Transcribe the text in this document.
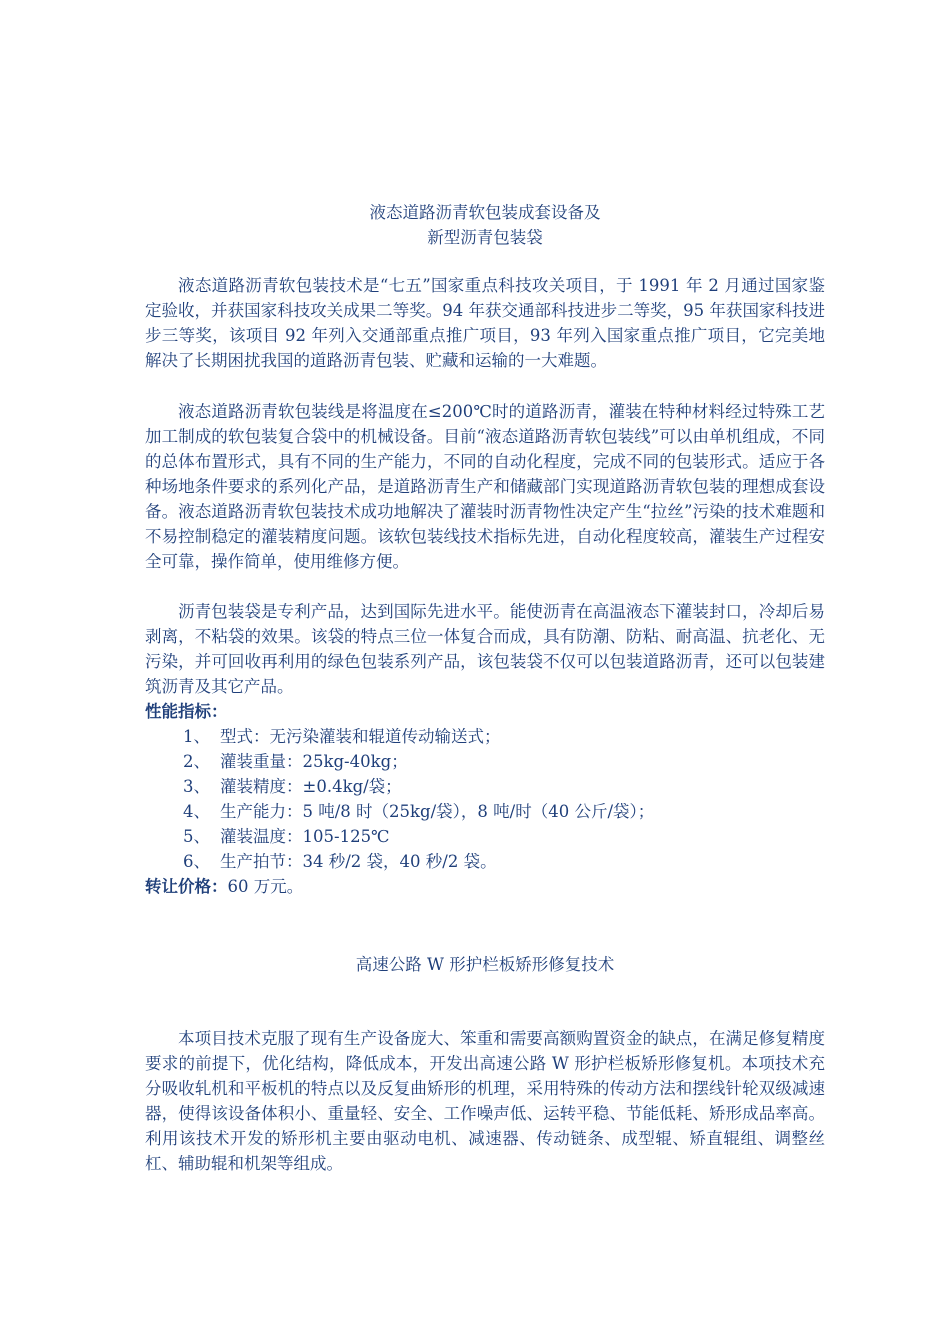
液态道路沥青软包装成套设备及
新型沥青包装袋

液态道路沥青软包装技术是“七五”国家重点科技攻关项目，于 1991 年 2 月通过国家鉴定验收，并获国家科技攻关成果二等奖。94 年获交通部科技进步二等奖，95 年获国家科技进步三等奖，该项目 92 年列入交通部重点推广项目，93 年列入国家重点推广项目，它完美地解决了长期困扰我国的道路沥青包装、贮藏和运输的一大难题。

液态道路沥青软包装线是将温度在≤200℃时的道路沥青，灌装在特种材料经过特殊工艺加工制成的软包装复合袋中的机械设备。目前“液态道路沥青软包装线”可以由单机组成，不同的总体布置形式，具有不同的生产能力，不同的自动化程度，完成不同的包装形式。适应于各种场地条件要求的系列化产品，是道路沥青生产和储藏部门实现道路沥青软包装的理想成套设备。液态道路沥青软包装技术成功地解决了灌装时沥青物性决定产生“拉丝”污染的技术难题和不易控制稳定的灌装精度问题。该软包装线技术指标先进，自动化程度较高，灌装生产过程安全可靠，操作简单，使用维修方便。

沥青包装袋是专利产品，达到国际先进水平。能使沥青在高温液态下灌装封口，冷却后易剥离，不粘袋的效果。该袋的特点三位一体复合而成，具有防潮、防粘、耐高温、抗老化、无污染，并可回收再利用的绿色包装系列产品，该包装袋不仅可以包装道路沥青，还可以包装建筑沥青及其它产品。

性能指标：
1、 型式：无污染灌装和辊道传动输送式；
2、 灌装重量：25kg-40kg；
3、 灌装精度：±0.4kg/袋；
4、 生产能力：5 吨/8 时（25kg/袋），8 吨/时（40 公斤/袋）；
5、 灌装温度：105-125℃
6、 生产拍节：34 秒/2 袋，40 秒/2 袋。
转让价格：60 万元。
高速公路 W 形护栏板矫形修复技术

本项目技术克服了现有生产设备庞大、笨重和需要高额购置资金的缺点，在满足修复精度要求的前提下，优化结构，降低成本，开发出高速公路 W 形护栏板矫形修复机。本项技术充分吸收轧机和平板机的特点以及反复曲矫形的机理，采用特殊的传动方法和摆线针轮双级减速器，使得该设备体积小、重量轻、安全、工作噪声低、运转平稳、节能低耗、矫形成品率高。利用该技术开发的矫形机主要由驱动电机、减速器、传动链条、成型辊、矫直辊组、调整丝杠、辅助辊和机架等组成。
